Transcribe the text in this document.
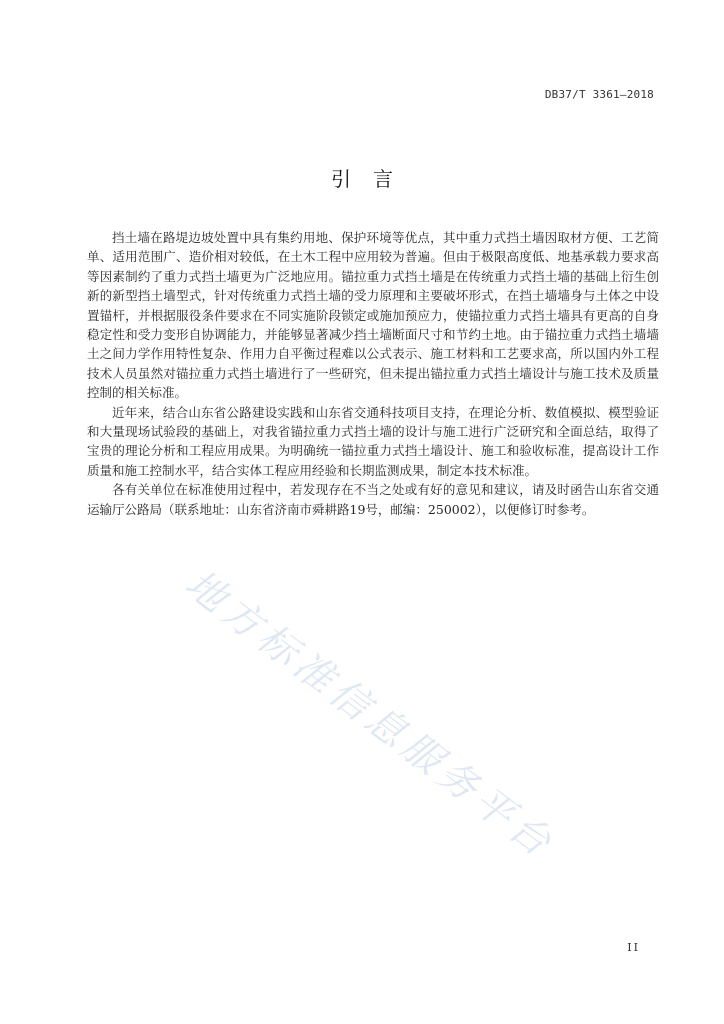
DB37/T 3361—2018
引言

挡土墙在路堤边坡处置中具有集约用地、保护环境等优点，其中重力式挡土墙因取材方便、工艺简单、适用范围广、造价相对较低，在土木工程中应用较为普遍。但由于极限高度低、地基承载力要求高等因素制约了重力式挡土墙更为广泛地应用。锚拉重力式挡土墙是在传统重力式挡土墙的基础上衍生创新的新型挡土墙型式，针对传统重力式挡土墙的受力原理和主要破坏形式，在挡土墙墙身与土体之中设置锚杆，并根据服役条件要求在不同实施阶段锁定或施加预应力，使锚拉重力式挡土墙具有更高的自身稳定性和受力变形自协调能力，并能够显著减少挡土墙断面尺寸和节约土地。由于锚拉重力式挡土墙墙土之间力学作用特性复杂、作用力自平衡过程难以公式表示、施工材料和工艺要求高，所以国内外工程技术人员虽然对锚拉重力式挡土墙进行了一些研究，但未提出锚拉重力式挡土墙设计与施工技术及质量控制的相关标准。

近年来，结合山东省公路建设实践和山东省交通科技项目支持，在理论分析、数值模拟、模型验证和大量现场试验段的基础上，对我省锚拉重力式挡土墙的设计与施工进行广泛研究和全面总结，取得了宝贵的理论分析和工程应用成果。为明确统一锚拉重力式挡土墙设计、施工和验收标准，提高设计工作质量和施工控制水平，结合实体工程应用经验和长期监测成果，制定本技术标准。

各有关单位在标准使用过程中，若发现存在不当之处或有好的意见和建议，请及时函告山东省交通运输厅公路局（联系地址：山东省济南市舜耕路19号，邮编：250002），以便修订时参考。

地方标准信息服务平台
II
